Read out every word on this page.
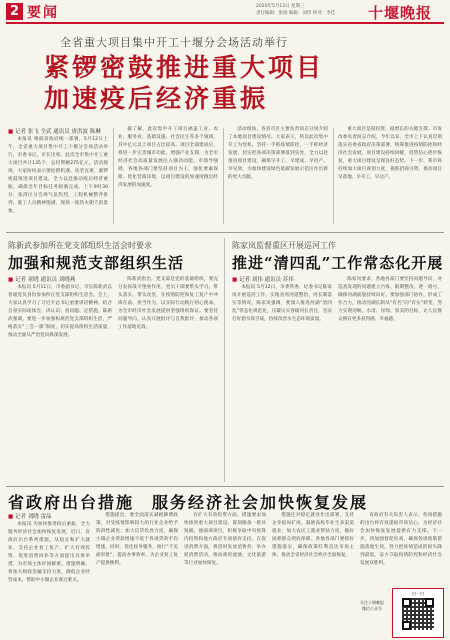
2 要闻	2020年5月13日 星期三
责任编辑：张扬 编辑：刘伟 校对：李佳	十堰晚报
全省重大项目集中开工十堰分会场活动举行
紧锣密鼓推进重大项目
加速疫后经济重振
■ 记者 张飞 全武 通讯员 唐洪波 陈琳

本报讯 根据省政府统一部署，5月12日上午，全省重大项目集中开工十堰分会场活动举行，市委书记、市长出席。此次全市集中开工重大项目共计135个，总投资额275亿元。活动现场，大家纷纷表示要抢抓机遇、攻坚克难，紧锣密鼓推进项目建设，全力以赴推动疫后经济重振，确保全年目标任务圆满完成。上午9时30分，张湾区分会场气氛热烈，工程机械整齐排列，施工人员精神饱满，现场一派热火朝天的景象。

据了解，此次集中开工项目涵盖工业、农业、服务业、基础设施、社会民生等多个领域，其中亿元以上项目占比较高。项目全部建成后，将进一步完善城市功能，增强产业支撑，为全市经济社会高质量发展注入强劲动能。市领导强调，各地各部门要坚持项目为王，强化要素保障，优化营商环境，以项目建设的加速度跑出经济发展的加速度。

活动现场，各县市区主要负责同志分别介绍了本地项目建设情况。大家表示，将以此次集中开工为契机，坚持一手抓疫情防控、一手抓经济发展，切实把各项决策部署落到实处，全力以赴推进项目建设，确保早开工、早建成、早投产、早见效，为加快建设绿色低碳发展示范区作出新的更大贡献。

重大项目是稳投资、稳增长的关键支撑。市发改委负责同志介绍，今年以来，全市上下认真贯彻落实省委省政府决策部署，统筹推进疫情防控和经济社会发展，项目建设持续回暖，投资信心逐步恢复，重大项目建设呈现良好态势。下一步，我市将持续加大项目谋划力度，狠抓招商引资，推动项目早落地、早开工、早达产。

陈新武参加所在党支部组织生活会时要求
加强和规范支部组织生活
■ 记者 童晓 通讯员 刘晓燕

本报讯 5月11日，市委副书记、市长陈新武以普通党员身份参加所在党支部组织生活会。会上，大家认真学习了习近平总书记重要讲话精神，结合自身实际谈体会、讲认识、查问题、定措施。陈新武强调，要进一步加强和规范党支部组织生活，严格落实“三会一课”制度，切实提高组织生活质量，推动全面从严治党向纵深发展。

陈新武指出，党支部是党的基础组织，要充分发挥战斗堡垒作用。党员干部要带头学习、带头落实、带头攻坚，在疫情防控和复工复产中冲锋在前、担当作为，以实际行动践行初心使命，为全市经济社会发展提供坚强组织保证。要坚持问题导向，认真开展批评与自我批评，推动各项工作落地见效。

陈家岚监督重区开展巡河工作
推进“清四乱”工作常态化开展
■ 记者 刘伟 通讯员 苏伟

本报讯 5月12日，市委常委、纪委书记陈家岚开展巡河工作，实地查看河道整治、河长制落实等情况。陈家岚强调，要深入推进河湖“清四乱”常态化规范化，压紧压实各级河长责任，坚决打好碧水保卫战，持续改善水生态环境质量。

陈家岚要求，各地各部门要坚持问题导向，对巡查发现的问题建立台账、限期整改、逐一销号，确保河湖面貌持续向好。要加强部门协作，形成工作合力，推动河湖长制从“有名”向“有实”转变，努力实现河畅、水清、岸绿、景美的目标，让人民群众拥有更多获得感、幸福感。

省政府出台措施　服务经济社会加快恢复发展
■ 记者 刘晓 雷晶

本报讯 为加快推进疫后重振，全力服务经济社会加快恢复发展，近日，省政府出台系列措施，从稳定和扩大就业、支持企业复工复产、扩大有效投资、促进消费回补等方面提出具体举措，为市场主体纾困解难。措施明确，将加大财政金融支持力度，降低企业经营成本，帮助中小微企业渡过难关。

措施提出，要全面落实减税降费政策，对受疫情影响较大的行业企业给予阶段性减免；加大信贷投放力度，确保小微企业贷款增速不低于各项贷款平均增速。同时，优化政务服务，推行“不见面审批”，提高办事效率，为企业复工复产提供便利。

在扩大有效投资方面，措施要求加快推进重大项目建设，谋划储备一批补短板、强弱项项目，积极争取中央预算内投资和地方政府专项债券支持。在促进消费方面，将适时发放消费券，举办促消费活动，推动商贸流通、文化旅游等行业加快恢复。

措施还对稳定就业作出部署，支持企业稳岗扩岗，鼓励高校毕业生多渠道就业，加大农民工就业帮扶力度，做好困难群众兜底保障。各地各部门要抓好措施落实，确保政策红利直达市场主体，推动全省经济社会秩序全面恢复。

省政府有关负责人表示，各项措施的出台将有效提振市场信心，为经济社会加快恢复发展提供有力支撑。下一步，将加强督促检查，确保各项政策措施落地生效，努力把疫情造成的损失降到最低，奋力夺取疫情防控和经济社会发展双胜利。

扫一扫
关注十堰晚报
微信公众号
